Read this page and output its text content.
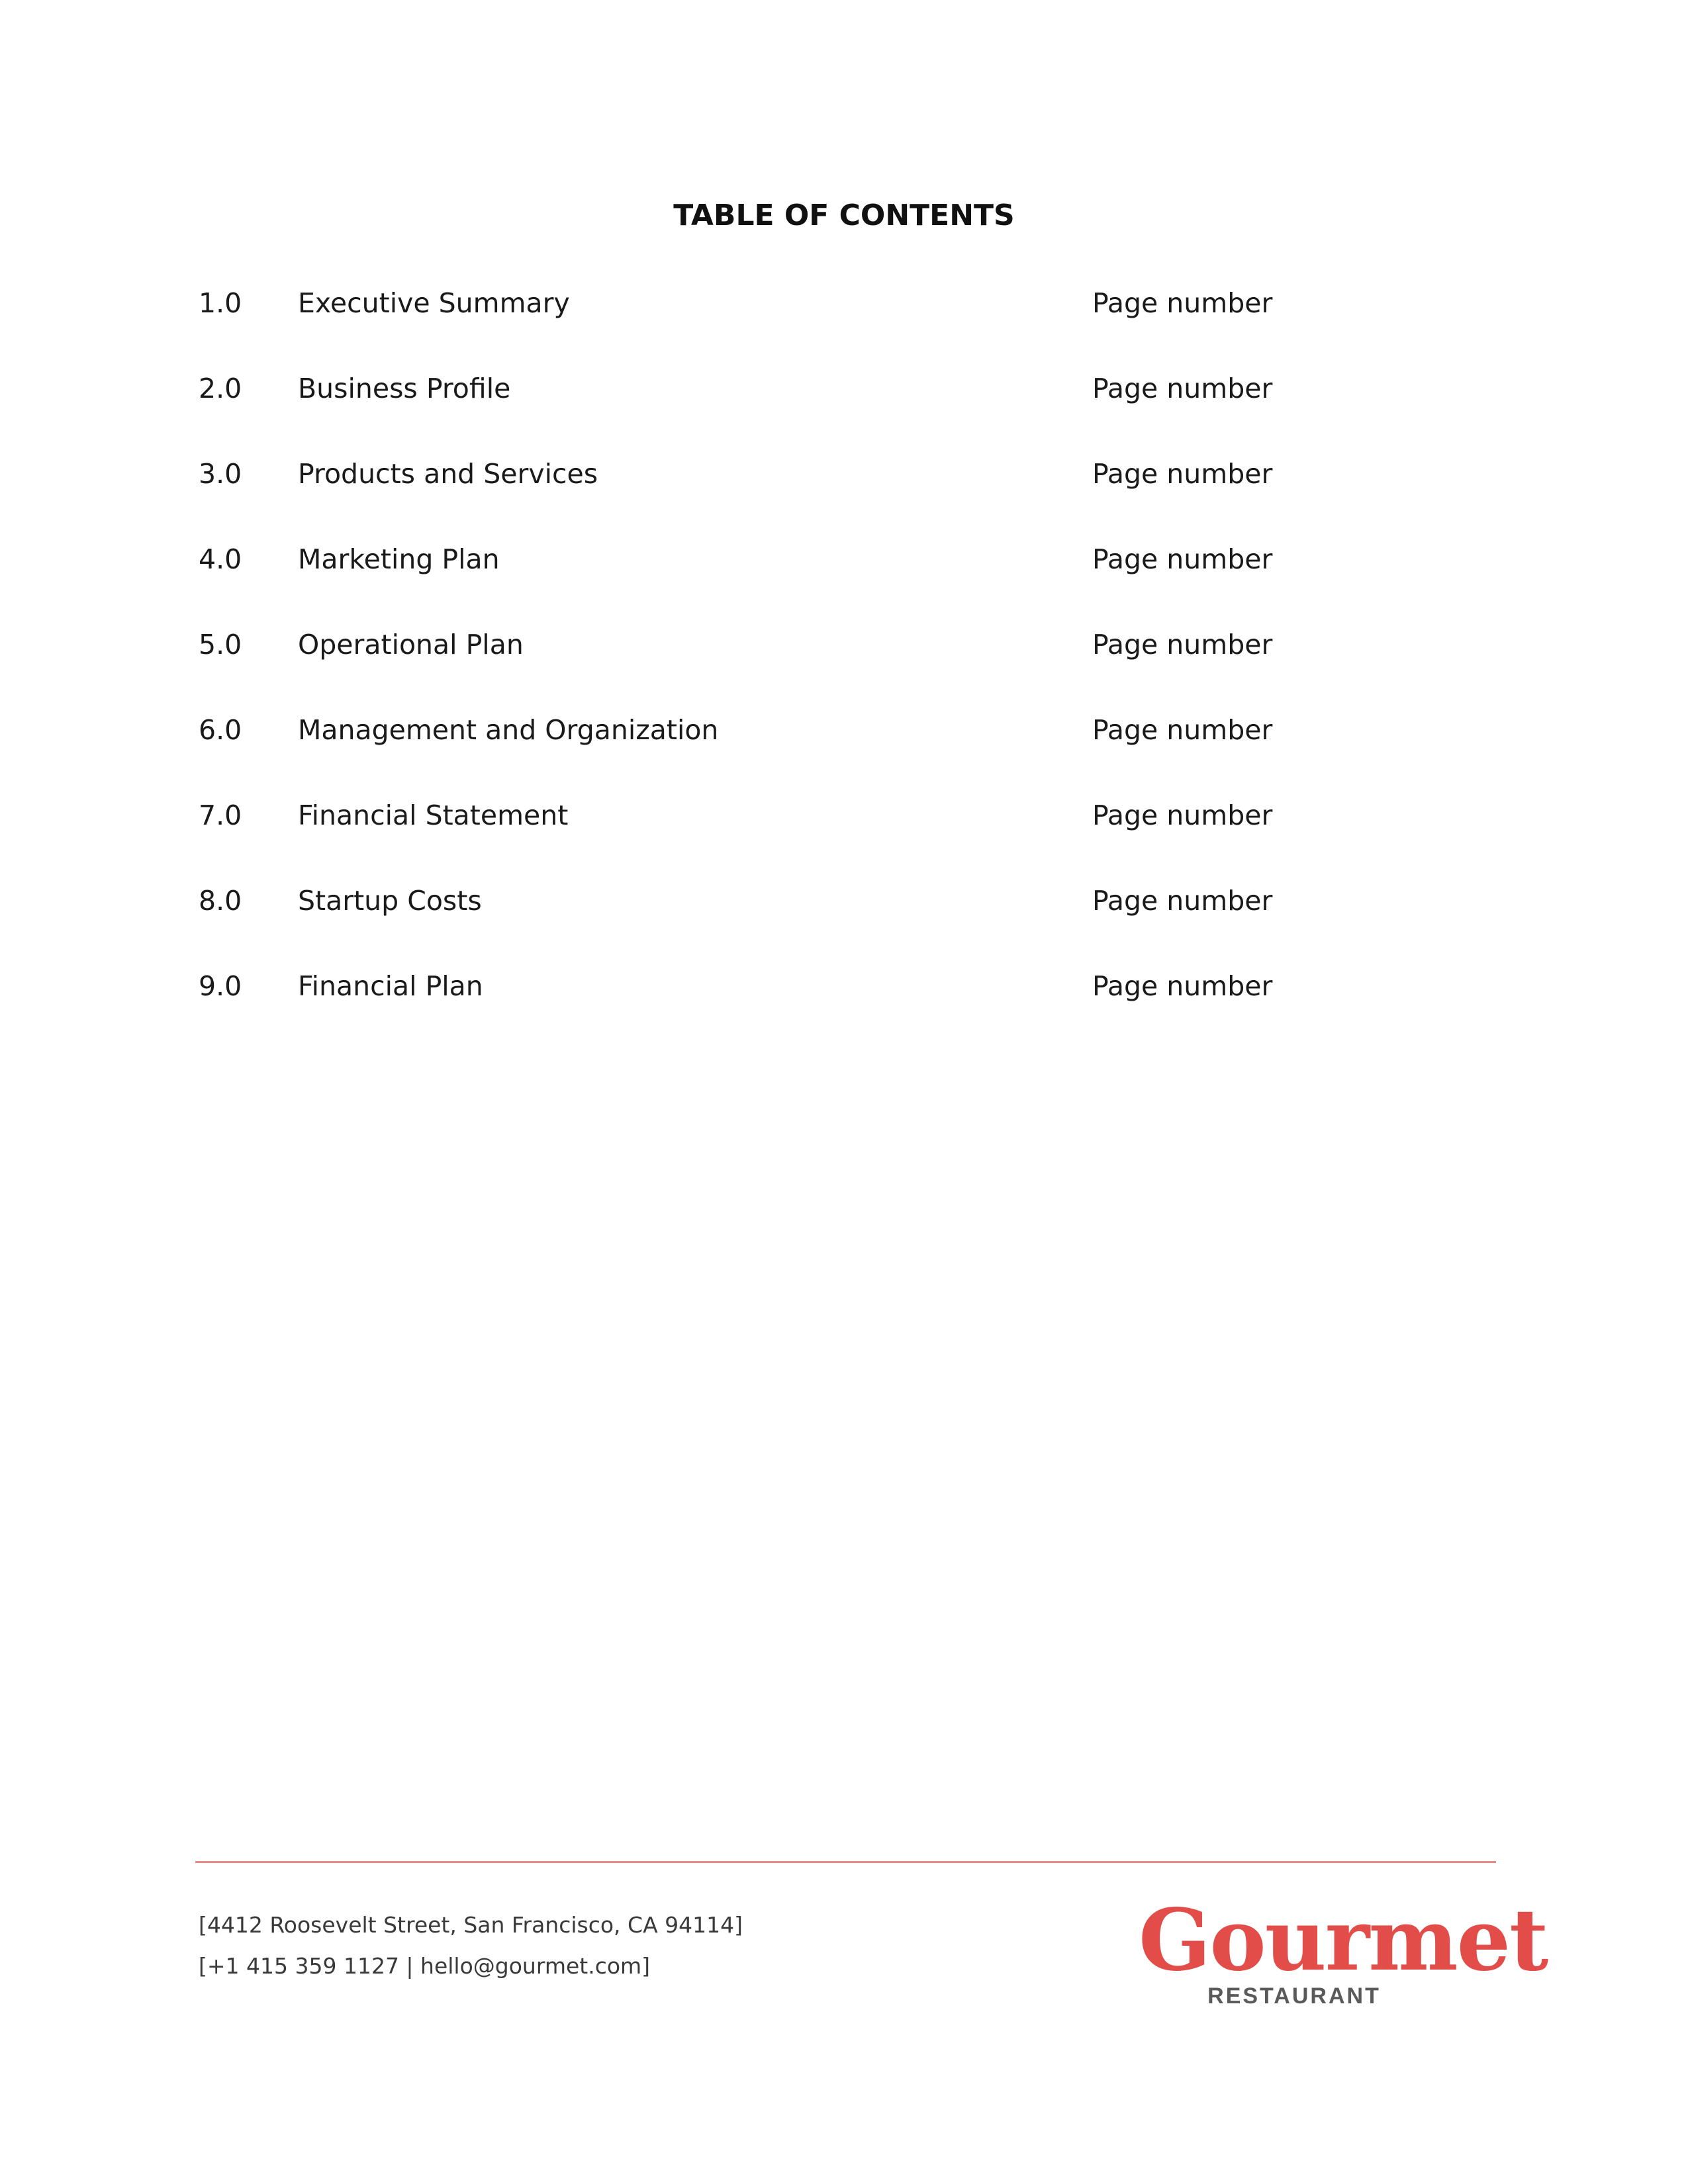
TABLE OF CONTENTS
1.0 Executive Summary	Page number
2.0 Business Profile	Page number
3.0 Products and Services	Page number
4.0 Marketing Plan	Page number
5.0 Operational Plan	Page number
6.0 Management and Organization	Page number
7.0 Financial Statement	Page number
8.0 Startup Costs	Page number
9.0 Financial Plan	Page number
[4412 Roosevelt Street, San Francisco, CA 94114]
[+1 415 359 1127 | hello@gourmet.com]	Gourmet
RESTAURANT
